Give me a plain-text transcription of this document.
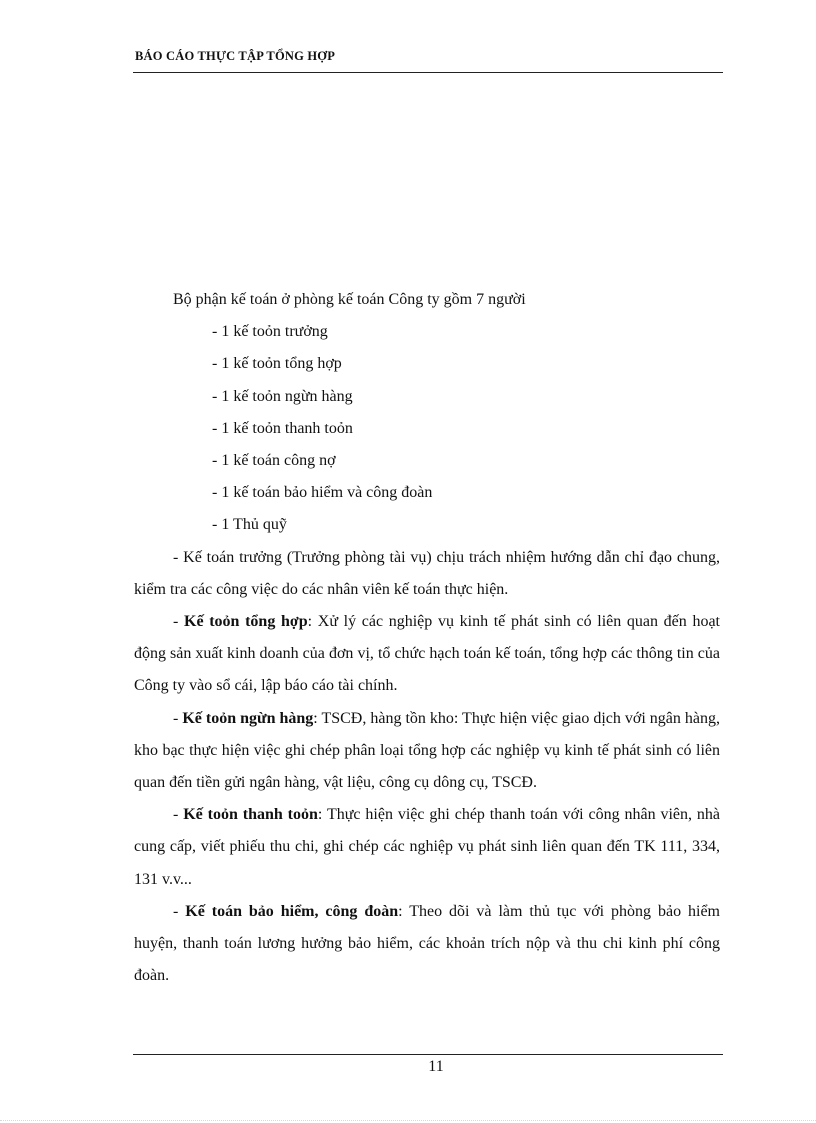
BÁO CÁO THỰC TẬP TỔNG HỢP

Bộ phận kế toán ở phòng kế toán Công ty gồm 7 người

- 1 kế toỏn trưởng

- 1 kế toỏn tổng hợp

- 1 kế toỏn ngừn hàng

- 1 kế toỏn thanh toỏn

- 1 kế toán công nợ

- 1 kế toán bảo hiểm và công đoàn

- 1 Thủ quỹ

- Kế toán trưởng (Trưởng phòng tài vụ) chịu trách nhiệm hướng dẫn chỉ đạo chung, kiểm tra các công việc do các nhân viên kế toán thực hiện.

- Kế toỏn tổng hợp: Xử lý các nghiệp vụ kinh tế phát sinh có liên quan đến hoạt động sản xuất kinh doanh của đơn vị, tổ chức hạch toán kế toán, tổng hợp các thông tin của Công ty vào sổ cái, lập báo cáo tài chính.

- Kế toỏn ngừn hàng: TSCĐ, hàng tồn kho: Thực hiện việc giao dịch với ngân hàng, kho bạc thực hiện việc ghi chép phân loại tổng hợp các nghiệp vụ kinh tế phát sinh có liên quan đến tiền gửi ngân hàng, vật liệu, công cụ dông cụ, TSCĐ.

- Kế toỏn thanh toỏn: Thực hiện việc ghi chép thanh toán với công nhân viên, nhà cung cấp, viết phiếu thu chi, ghi chép các nghiệp vụ phát sinh liên quan đến TK 111, 334, 131 v.v...

- Kế toán bảo hiểm, công đoàn: Theo dõi và làm thủ tục với phòng bảo hiểm huyện, thanh toán lương hưởng bảo hiểm, các khoản trích nộp và thu chi kinh phí công đoàn.

11
